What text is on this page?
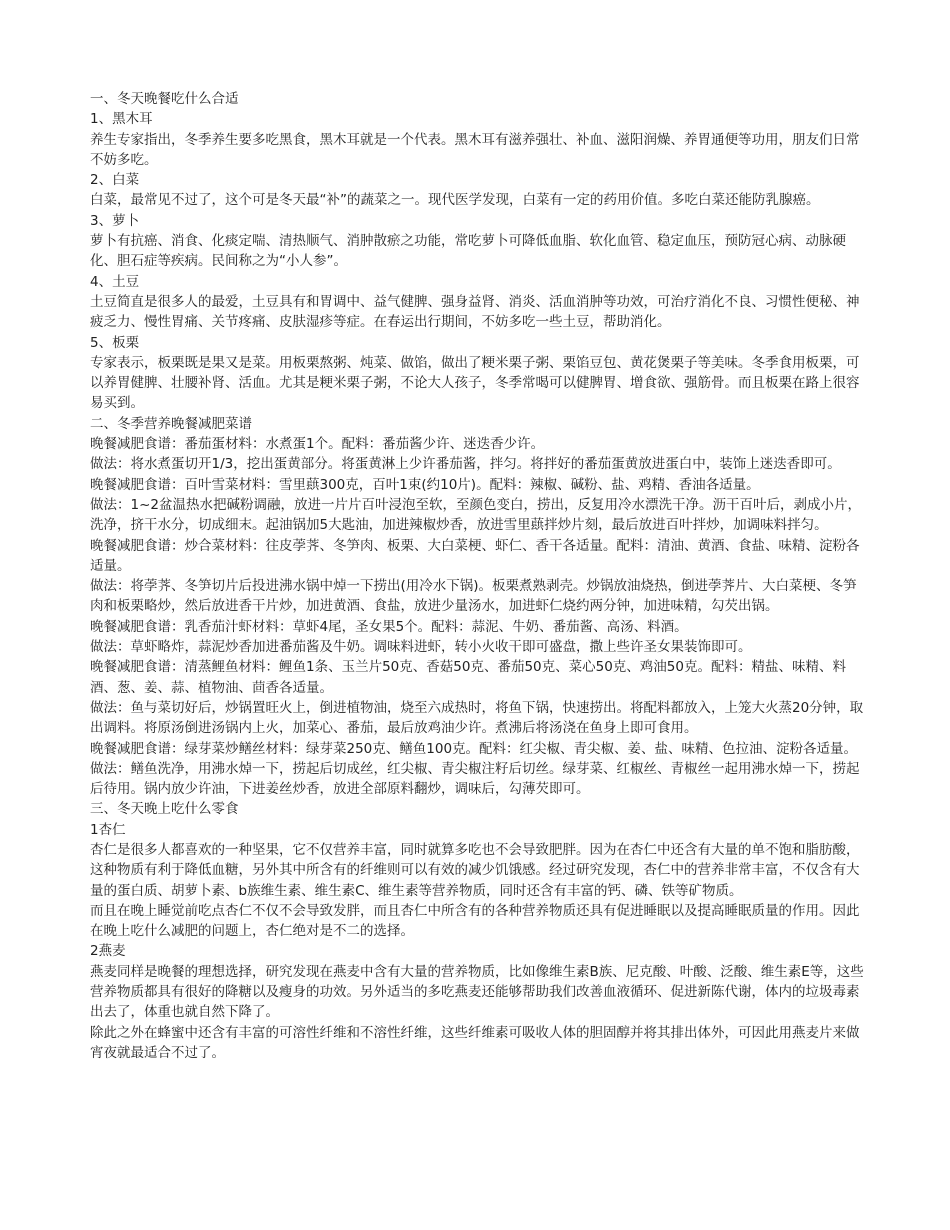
一、冬天晚餐吃什么合适

1、黑木耳

养生专家指出，冬季养生要多吃黑食，黑木耳就是一个代表。黑木耳有滋养强壮、补血、滋阳润燥、养胃通便等功用，朋友们日常不妨多吃。

2、白菜

白菜，最常见不过了，这个可是冬天最“补”的蔬菜之一。现代医学发现，白菜有一定的药用价值。多吃白菜还能防乳腺癌。

3、萝卜

萝卜有抗癌、消食、化痰定喘、清热顺气、消肿散瘀之功能，常吃萝卜可降低血脂、软化血管、稳定血压，预防冠心病、动脉硬化、胆石症等疾病。民间称之为“小人参”。

4、土豆

土豆简直是很多人的最爱，土豆具有和胃调中、益气健脾、强身益肾、消炎、活血消肿等功效，可治疗消化不良、习惯性便秘、神疲乏力、慢性胃痛、关节疼痛、皮肤湿疹等症。在春运出行期间，不妨多吃一些土豆，帮助消化。

5、板栗

专家表示，板栗既是果又是菜。用板栗熬粥、炖菜、做馅，做出了粳米栗子粥、栗馅豆包、黄花煲栗子等美味。冬季食用板栗，可以养胃健脾、壮腰补肾、活血。尤其是粳米栗子粥，不论大人孩子，冬季常喝可以健脾胃、增食欲、强筋骨。而且板栗在路上很容易买到。

二、冬季营养晚餐减肥菜谱

晚餐减肥食谱：番茄蛋材料：水煮蛋1个。配料：番茄酱少许、迷迭香少许。

做法：将水煮蛋切开1/3，挖出蛋黄部分。将蛋黄淋上少许番茄酱，拌匀。将拌好的番茄蛋黄放进蛋白中，装饰上迷迭香即可。

晚餐减肥食谱：百叶雪菜材料：雪里蕻300克，百叶1束(约10片)。配料：辣椒、碱粉、盐、鸡精、香油各适量。

做法：1~2盆温热水把碱粉调融，放进一片片百叶浸泡至软，至颜色变白，捞出，反复用冷水漂洗干净。沥干百叶后，剥成小片，洗净，挤干水分，切成细末。起油锅加5大匙油，加进辣椒炒香，放进雪里蕻拌炒片刻，最后放进百叶拌炒，加调味料拌匀。

晚餐减肥食谱：炒合菜材料：往皮荸荠、冬笋肉、板栗、大白菜梗、虾仁、香干各适量。配料：清油、黄酒、食盐、味精、淀粉各适量。

做法：将荸荠、冬笋切片后投进沸水锅中焯一下捞出(用冷水下锅)。板栗煮熟剥壳。炒锅放油烧热，倒进荸荠片、大白菜梗、冬笋肉和板栗略炒，然后放进香干片炒，加进黄酒、食盐，放进少量汤水，加进虾仁烧约两分钟，加进味精，勾芡出锅。

晚餐减肥食谱：乳香茄汁虾材料：草虾4尾，圣女果5个。配料：蒜泥、牛奶、番茄酱、高汤、料酒。

做法：草虾略炸，蒜泥炒香加进番茄酱及牛奶。调味料进虾，转小火收干即可盛盘，撒上些许圣女果装饰即可。

晚餐减肥食谱：清蒸鲤鱼材料：鲤鱼1条、玉兰片50克、香菇50克、番茄50克、菜心50克、鸡油50克。配料：精盐、味精、料酒、葱、姜、蒜、植物油、茴香各适量。

做法：鱼与菜切好后，炒锅置旺火上，倒进植物油，烧至六成热时，将鱼下锅，快速捞出。将配料都放入，上笼大火蒸20分钟，取出调料。将原汤倒进汤锅内上火，加菜心、番茄，最后放鸡油少许。煮沸后将汤浇在鱼身上即可食用。

晚餐减肥食谱：绿芽菜炒鳝丝材料：绿芽菜250克、鳝鱼100克。配料：红尖椒、青尖椒、姜、盐、味精、色拉油、淀粉各适量。

做法：鳝鱼洗净，用沸水焯一下，捞起后切成丝，红尖椒、青尖椒注籽后切丝。绿芽菜、红椒丝、青椒丝一起用沸水焯一下，捞起后待用。锅内放少许油，下进姜丝炒香，放进全部原料翻炒，调味后，勾薄芡即可。

三、冬天晚上吃什么零食

1杏仁

杏仁是很多人都喜欢的一种坚果，它不仅营养丰富，同时就算多吃也不会导致肥胖。因为在杏仁中还含有大量的单不饱和脂肪酸，这种物质有利于降低血糖，另外其中所含有的纤维则可以有效的减少饥饿感。经过研究发现，杏仁中的营养非常丰富，不仅含有大量的蛋白质、胡萝卜素、b族维生素、维生素C、维生素等营养物质，同时还含有丰富的钙、磷、铁等矿物质。

而且在晚上睡觉前吃点杏仁不仅不会导致发胖，而且杏仁中所含有的各种营养物质还具有促进睡眠以及提高睡眠质量的作用。因此在晚上吃什么减肥的问题上，杏仁绝对是不二的选择。

2燕麦

燕麦同样是晚餐的理想选择，研究发现在燕麦中含有大量的营养物质，比如像维生素B族、尼克酸、叶酸、泛酸、维生素E等，这些营养物质都具有很好的降糖以及瘦身的功效。另外适当的多吃燕麦还能够帮助我们改善血液循环、促进新陈代谢，体内的垃圾毒素出去了，体重也就自然下降了。

除此之外在蜂蜜中还含有丰富的可溶性纤维和不溶性纤维，这些纤维素可吸收人体的胆固醇并将其排出体外，可因此用燕麦片来做宵夜就最适合不过了。
